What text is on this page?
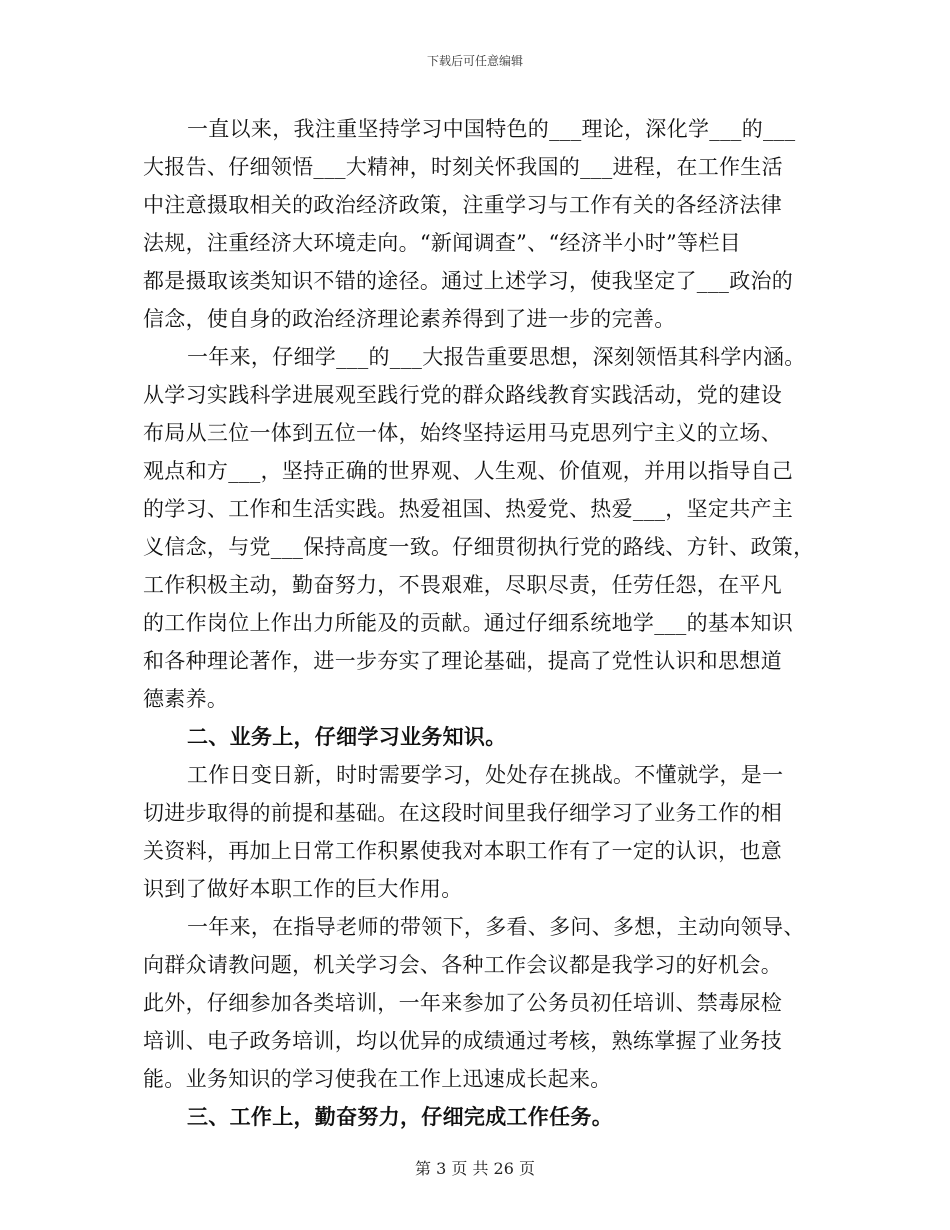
下载后可任意编辑
一直以来，我注重坚持学习中国特色的___理论，深化学___的___
大报告、仔细领悟___大精神，时刻关怀我国的___进程，在工作生活
中注意摄取相关的政治经济政策，注重学习与工作有关的各经济法律
法规，注重经济大环境走向。“新闻调查”、“经济半小时”等栏目
都是摄取该类知识不错的途径。通过上述学习，使我坚定了___政治的
信念，使自身的政治经济理论素养得到了进一步的完善。
一年来，仔细学___的___大报告重要思想，深刻领悟其科学内涵。
从学习实践科学进展观至践行党的群众路线教育实践活动，党的建设
布局从三位一体到五位一体，始终坚持运用马克思列宁主义的立场、
观点和方___，坚持正确的世界观、人生观、价值观，并用以指导自己
的学习、工作和生活实践。热爱祖国、热爱党、热爱___，坚定共产主
义信念，与党___保持高度一致。仔细贯彻执行党的路线、方针、政策，
工作积极主动，勤奋努力，不畏艰难，尽职尽责，任劳任怨，在平凡
的工作岗位上作出力所能及的贡献。通过仔细系统地学___的基本知识
和各种理论著作，进一步夯实了理论基础，提高了党性认识和思想道
德素养。
二、业务上，仔细学习业务知识。
工作日变日新，时时需要学习，处处存在挑战。不懂就学，是一
切进步取得的前提和基础。在这段时间里我仔细学习了业务工作的相
关资料，再加上日常工作积累使我对本职工作有了一定的认识，也意
识到了做好本职工作的巨大作用。
一年来，在指导老师的带领下，多看、多问、多想，主动向领导、
向群众请教问题，机关学习会、各种工作会议都是我学习的好机会。
此外，仔细参加各类培训，一年来参加了公务员初任培训、禁毒尿检
培训、电子政务培训，均以优异的成绩通过考核，熟练掌握了业务技
能。业务知识的学习使我在工作上迅速成长起来。
三、工作上，勤奋努力，仔细完成工作任务。
第 3 页 共 26 页
